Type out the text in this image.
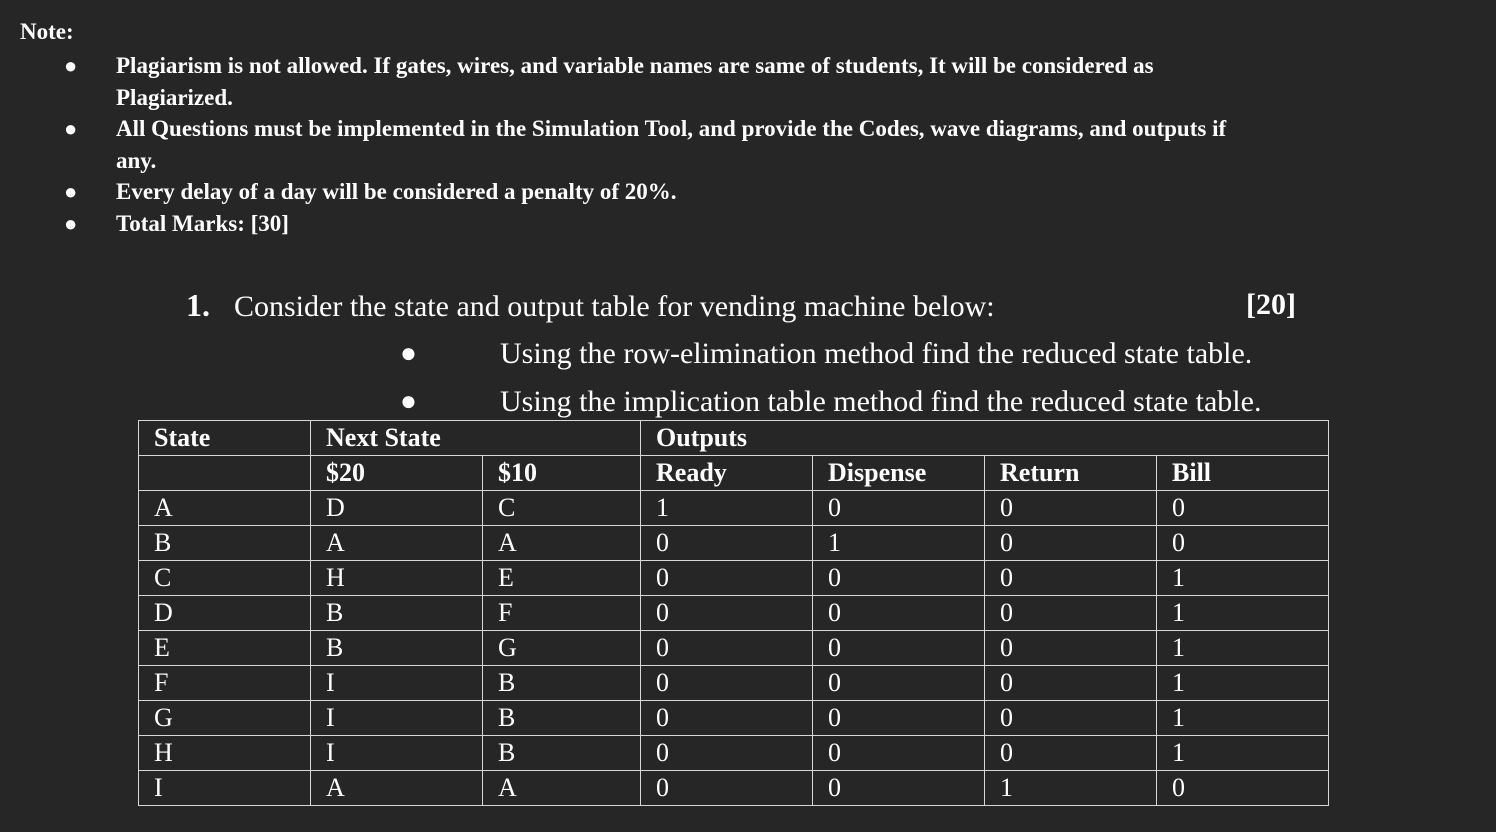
Note:
● Plagiarism is not allowed. If gates, wires, and variable names are same of students, It will be considered as
Plagiarized.
● All Questions must be implemented in the Simulation Tool, and provide the Codes, wave diagrams, and outputs if
any.
● Every delay of a day will be considered a penalty of 20%.
● Total Marks: [30]
1. Consider the state and output table for vending machine below:	[20]
●	Using the row-elimination method find the reduced state table.
●	Using the implication table method find the reduced state table.
State	Next State		Outputs			
	$20	$10	Ready	Dispense	Return	Bill
A	D	C	1	0	0	0
B	A	A	0	1	0	0
C	H	E	0	0	0	1
D	B	F	0	0	0	1
E	B	G	0	0	0	1
F	I	B	0	0	0	1
G	I	B	0	0	0	1
H	I	B	0	0	0	1
I	A	A	0	0	1	0
